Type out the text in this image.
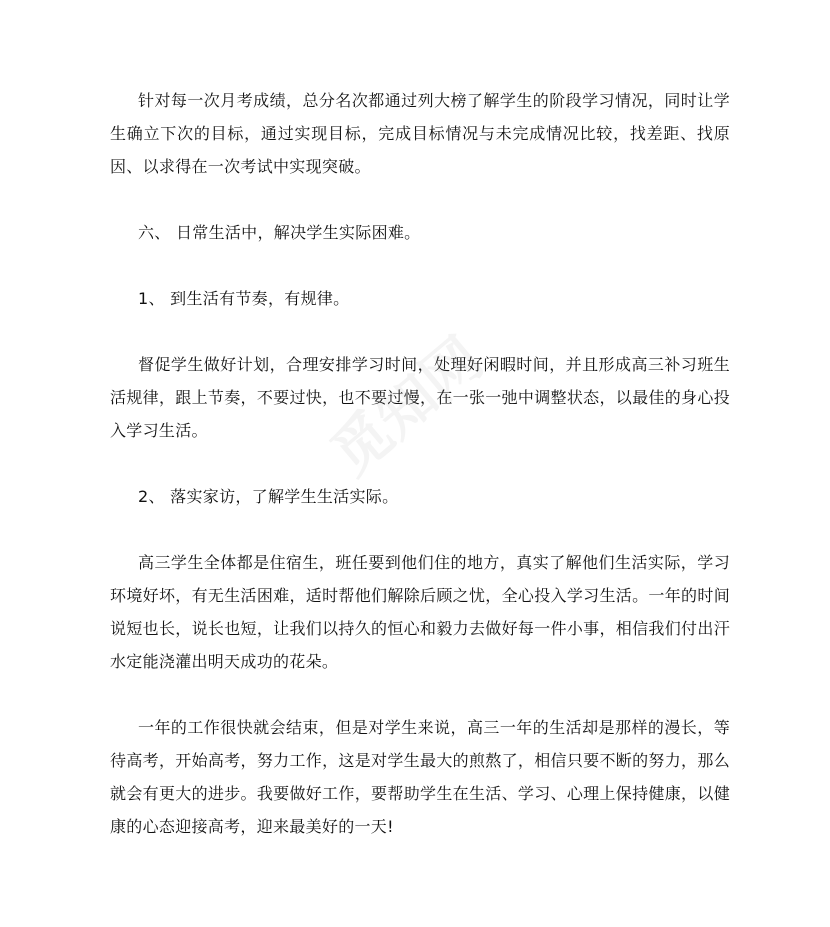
针对每一次月考成绩，总分名次都通过列大榜了解学生的阶段学习情况，同时让学生确立下次的目标，通过实现目标，完成目标情况与未完成情况比较，找差距、找原因、以求得在一次考试中实现突破。

六、 日常生活中，解决学生实际困难。

1、 到生活有节奏，有规律。

督促学生做好计划，合理安排学习时间，处理好闲暇时间，并且形成高三补习班生活规律，跟上节奏，不要过快，也不要过慢，在一张一弛中调整状态，以最佳的身心投入学习生活。

2、 落实家访，了解学生生活实际。

高三学生全体都是住宿生，班任要到他们住的地方，真实了解他们生活实际，学习环境好坏，有无生活困难，适时帮他们解除后顾之忧，全心投入学习生活。一年的时间说短也长，说长也短，让我们以持久的恒心和毅力去做好每一件小事，相信我们付出汗水定能浇灌出明天成功的花朵。

一年的工作很快就会结束，但是对学生来说，高三一年的生活却是那样的漫长，等待高考，开始高考，努力工作，这是对学生最大的煎熬了，相信只要不断的努力，那么就会有更大的进步。我要做好工作，要帮助学生在生活、学习、心理上保持健康，以健康的心态迎接高考，迎来最美好的一天!

觅知网
